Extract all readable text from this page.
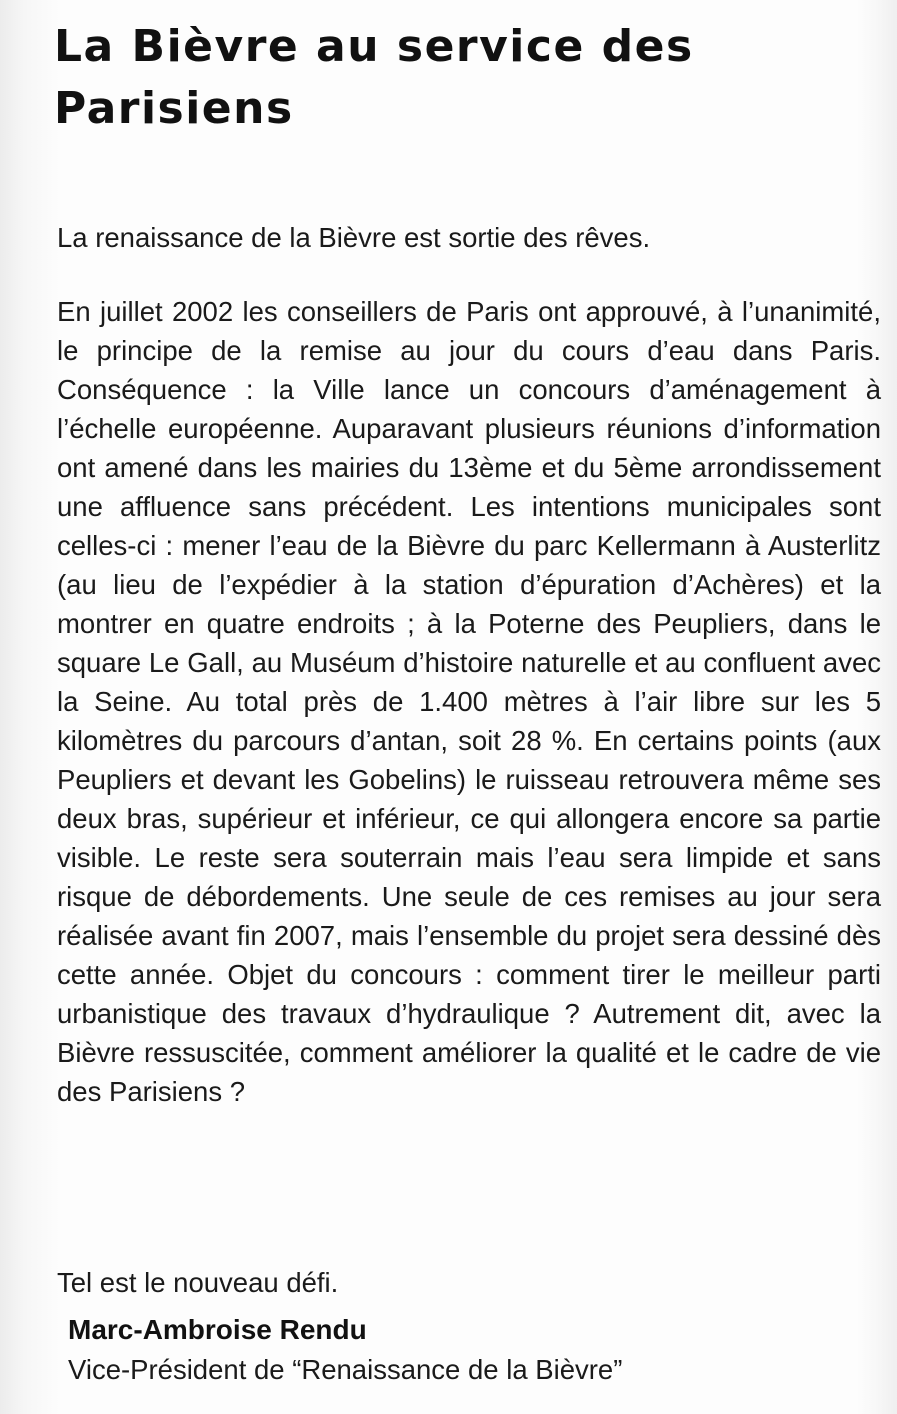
La Bièvre au service des Parisiens

La renaissance de la Bièvre est sortie des rêves.

En juillet 2002 les conseillers de Paris ont approuvé, à l’unanimité, le principe de la remise au jour du cours d’eau dans Paris. Conséquence : la Ville lance un concours d’aménagement à l’échelle européenne. Auparavant plusieurs réunions d’information ont amené dans les mairies du 13ème et du 5ème arrondissement une affluence sans précédent. Les intentions municipales sont celles-ci : mener l’eau de la Bièvre du parc Kellermann à Austerlitz (au lieu de l’expédier à la station d’épuration d’Achères) et la montrer en quatre endroits ; à la Poterne des Peupliers, dans le square Le Gall, au Muséum d’histoire naturelle et au confluent avec la Seine. Au total près de 1.400 mètres à l’air libre sur les 5 kilomètres du parcours d’antan, soit 28 %. En certains points (aux Peupliers et devant les Gobelins) le ruisseau retrouvera même ses deux bras, supérieur et inférieur, ce qui allongera encore sa partie visible. Le reste sera souterrain mais l’eau sera limpide et sans risque de débordements. Une seule de ces remises au jour sera réalisée avant fin 2007, mais l’ensemble du projet sera dessiné dès cette année. Objet du concours : comment tirer le meilleur parti urbanistique des travaux d’hydraulique ? Autrement dit, avec la Bièvre ressuscitée, comment améliorer la qualité et le cadre de vie des Parisiens ?

Tel est le nouveau défi.

Marc-Ambroise Rendu

Vice-Président de “Renaissance de la Bièvre”
